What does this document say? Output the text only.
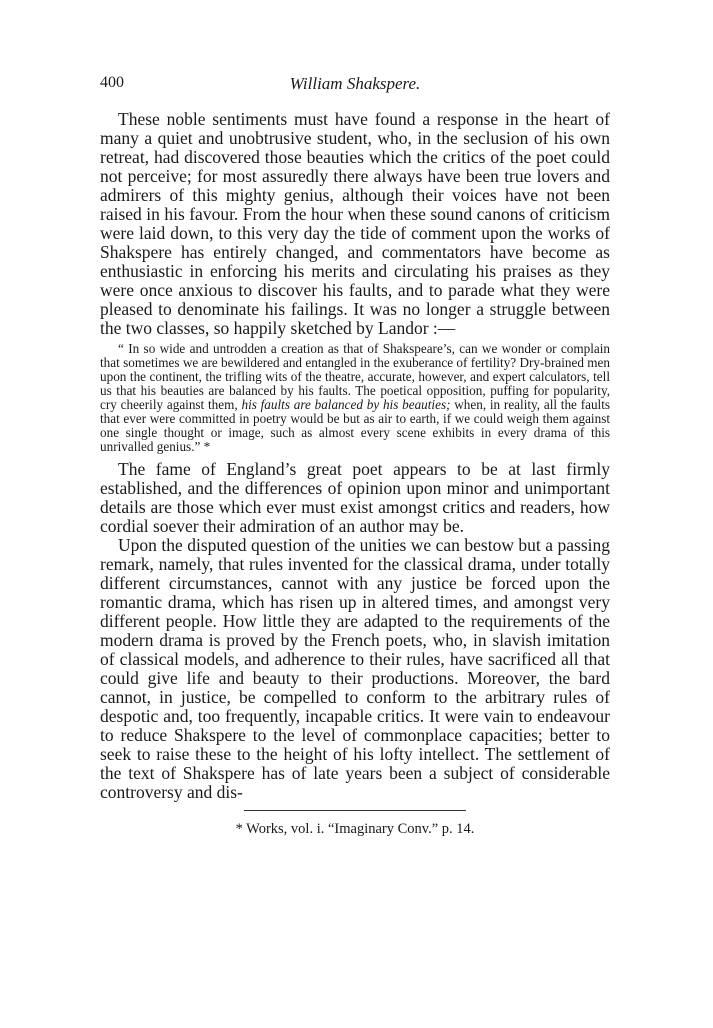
400	William Shakspere.

These noble sentiments must have found a response in the heart of many a quiet and unobtrusive student, who, in the seclusion of his own retreat, had discovered those beauties which the critics of the poet could not perceive; for most assuredly there always have been true lovers and admirers of this mighty genius, although their voices have not been raised in his favour. From the hour when these sound canons of criticism were laid down, to this very day the tide of comment upon the works of Shakspere has entirely changed, and commentators have become as enthusiastic in enforcing his merits and circulating his praises as they were once anxious to discover his faults, and to parade what they were pleased to denominate his failings. It was no longer a struggle between the two classes, so happily sketched by Landor :—

“ In so wide and untrodden a creation as that of Shakspeare’s, can we wonder or complain that sometimes we are bewildered and entangled in the exuberance of fertility? Dry-brained men upon the continent, the trifling wits of the theatre, accurate, however, and expert calculators, tell us that his beauties are balanced by his faults. The poetical opposition, puffing for popularity, cry cheerily against them, his faults are balanced by his beauties; when, in reality, all the faults that ever were committed in poetry would be but as air to earth, if we could weigh them against one single thought or image, such as almost every scene exhibits in every drama of this unrivalled genius.” *

The fame of England’s great poet appears to be at last firmly established, and the differences of opinion upon minor and unimportant details are those which ever must exist amongst critics and readers, how cordial soever their admiration of an author may be.

Upon the disputed question of the unities we can bestow but a passing remark, namely, that rules invented for the classical drama, under totally different circumstances, cannot with any justice be forced upon the romantic drama, which has risen up in altered times, and amongst very different people. How little they are adapted to the requirements of the modern drama is proved by the French poets, who, in slavish imitation of classical models, and adherence to their rules, have sacrificed all that could give life and beauty to their productions. Moreover, the bard cannot, in justice, be compelled to conform to the arbitrary rules of despotic and, too frequently, incapable critics. It were vain to endeavour to reduce Shakspere to the level of commonplace capacities; better to seek to raise these to the height of his lofty intellect. The settlement of the text of Shakspere has of late years been a subject of considerable controversy and dis-

* Works, vol. i. “Imaginary Conv.” p. 14.
